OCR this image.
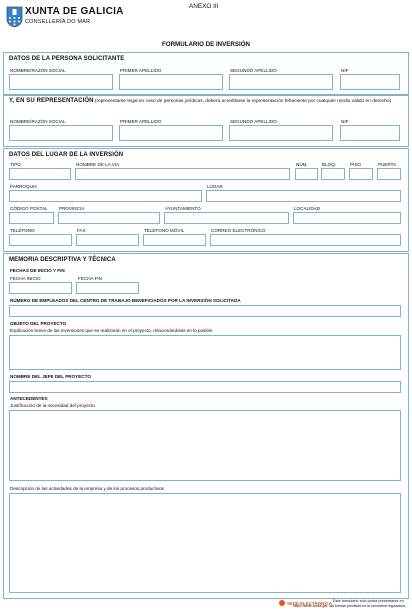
XUNTA DE GALICIA
CONSELLERÍA DO MAR
ANEXO III
FORMULARIO DE INVERSIÓN
DATOS DE LA PERSONA SOLICITANTE
NOMBRE/RAZÓN SOCIAL	PRIMER APELLIDO	SEGUNDO APELLIDO	NIF
Y, EN SU REPRESENTACIÓN (representante legal en caso de personas jurídicas, deberá acreditarse la representación fehaciente por cualquier medio válido en derecho)
NOMBRE/RAZÓN SOCIAL	PRIMER APELLIDO	SEGUNDO APELLIDO	NIF
DATOS DEL LUGAR DE LA INVERSIÓN
TIPO	NOMBRE DE LA VÍA	NÚM.	BLOQ.	PISO	PUERTA
PARROQUIA	LUGAR
CÓDIGO POSTAL PROVINCIA	AYUNTAMIENTO	LOCALIDAD
TELÉFONO	FAX	TELÉFONO MÓVIL	CORREO ELECTRÓNICO
MEMORIA DESCRIPTIVA Y TÉCNICA
FECHAS DE INICIO Y FIN
FECHA INICIO	FECHA FIN
NÚMERO DE EMPLEADOS DEL CENTRO DE TRABAJO BENEFICIADOS POR LA INVERSIÓN SOLICITADA
OBJETO DEL PROYECTO
Explicación breve de las inversiones que se realizarán en el proyecto, relacionándolas en lo posible
NOMBRE DEL JEFE DEL PROYECTO
ANTECEDENTES
Justificación de la necesidad del proyecto
Descripción de las actividades de la empresa y de los procesos productivos
SEDE ELECTRÓNICA Este formulario solo podrá presentarse en
https://sede.xunta.gal, las formas previstas en la normativa reguladora
